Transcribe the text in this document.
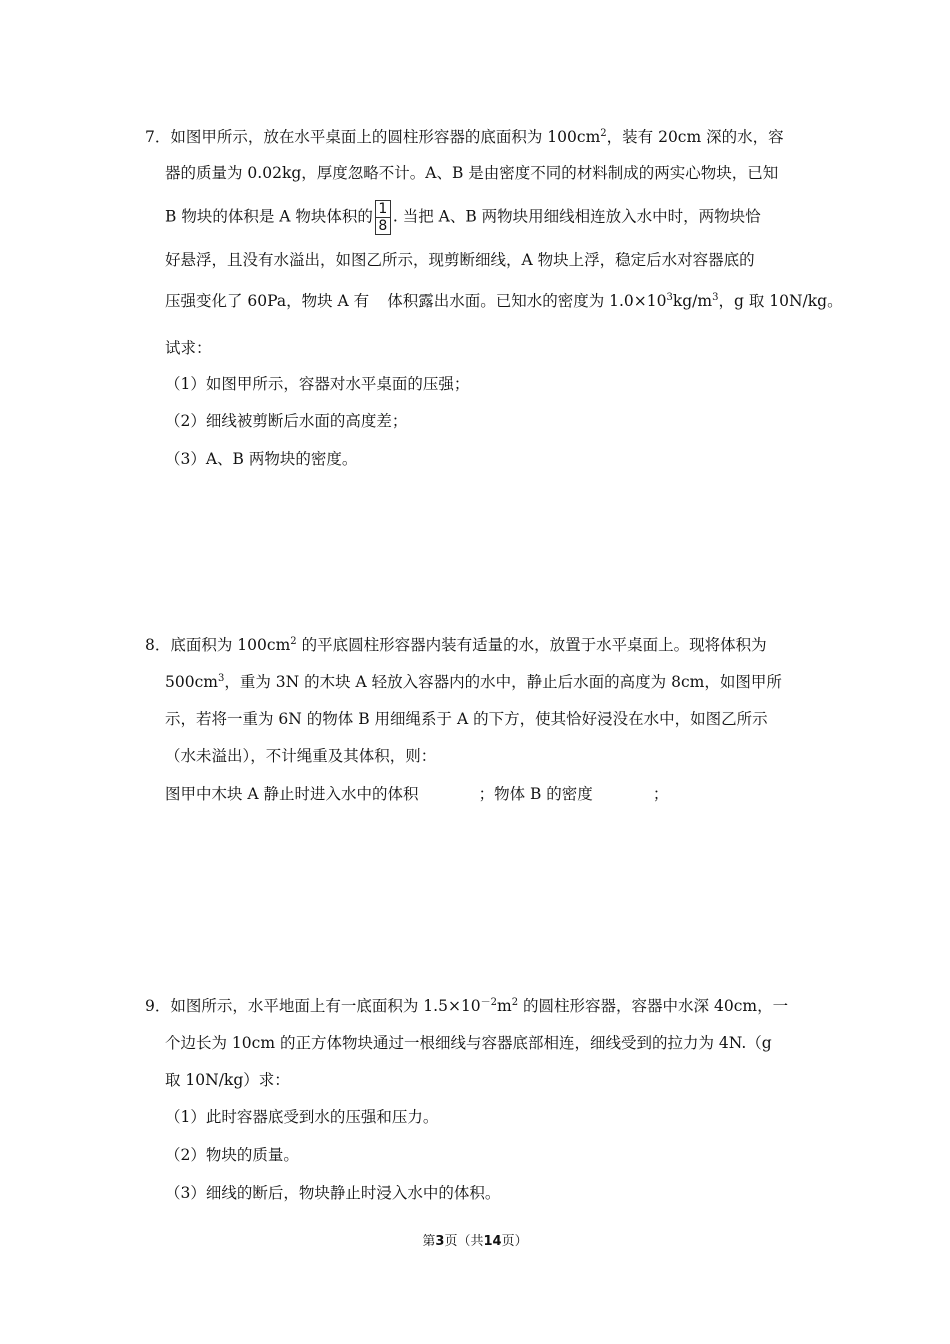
7．如图甲所示，放在水平桌面上的圆柱形容器的底面积为 $100cm^2$，装有 20cm 深的水，容
器的质量为 0.02kg，厚度忽略不计。A、B 是由密度不同的材料制成的两实心物块，已知
B 物块的体积是 A 物块体积的 $\frac{1}{8}$ . 当把 A、B 两物块用细线相连放入水中时，两物块恰
好悬浮，且没有水溢出，如图乙所示，现剪断细线，A 物块上浮，稳定后水对容器底的
压强变化了 60Pa，物块 A 有 体积露出水面。已知水的密度为 $1.0\times 10^3kg/m^3$，g 取 10N/kg。
试求：
（1）如图甲所示，容器对水平桌面的压强；
（2）细线被剪断后水面的高度差；
（3）A、B 两物块的密度。
8．底面积为 $100cm^2$ 的平底圆柱形容器内装有适量的水，放置于水平桌面上。现将体积为
$500cm^3$，重为 3N 的木块 A 轻放入容器内的水中，静止后水面的高度为 8cm，如图甲所
示，若将一重为 6N 的物体 B 用细绳系于 A 的下方，使其恰好浸没在水中，如图乙所示
（水未溢出），不计绳重及其体积，则：
图甲中木块 A 静止时进入水中的体积	；物体 B 的密度	；
9．如图所示，水平地面上有一底面积为 $1.5\times 10^{-2}m^2$ 的圆柱形容器，容器中水深 40cm，一
个边长为 10cm 的正方体物块通过一根细线与容器底部相连，细线受到的拉力为 4N.（g
取 10N/kg）求：
（1）此时容器底受到水的压强和压力。
（2）物块的质量。
（3）细线的断后，物块静止时浸入水中的体积。
第3页（共14页）
